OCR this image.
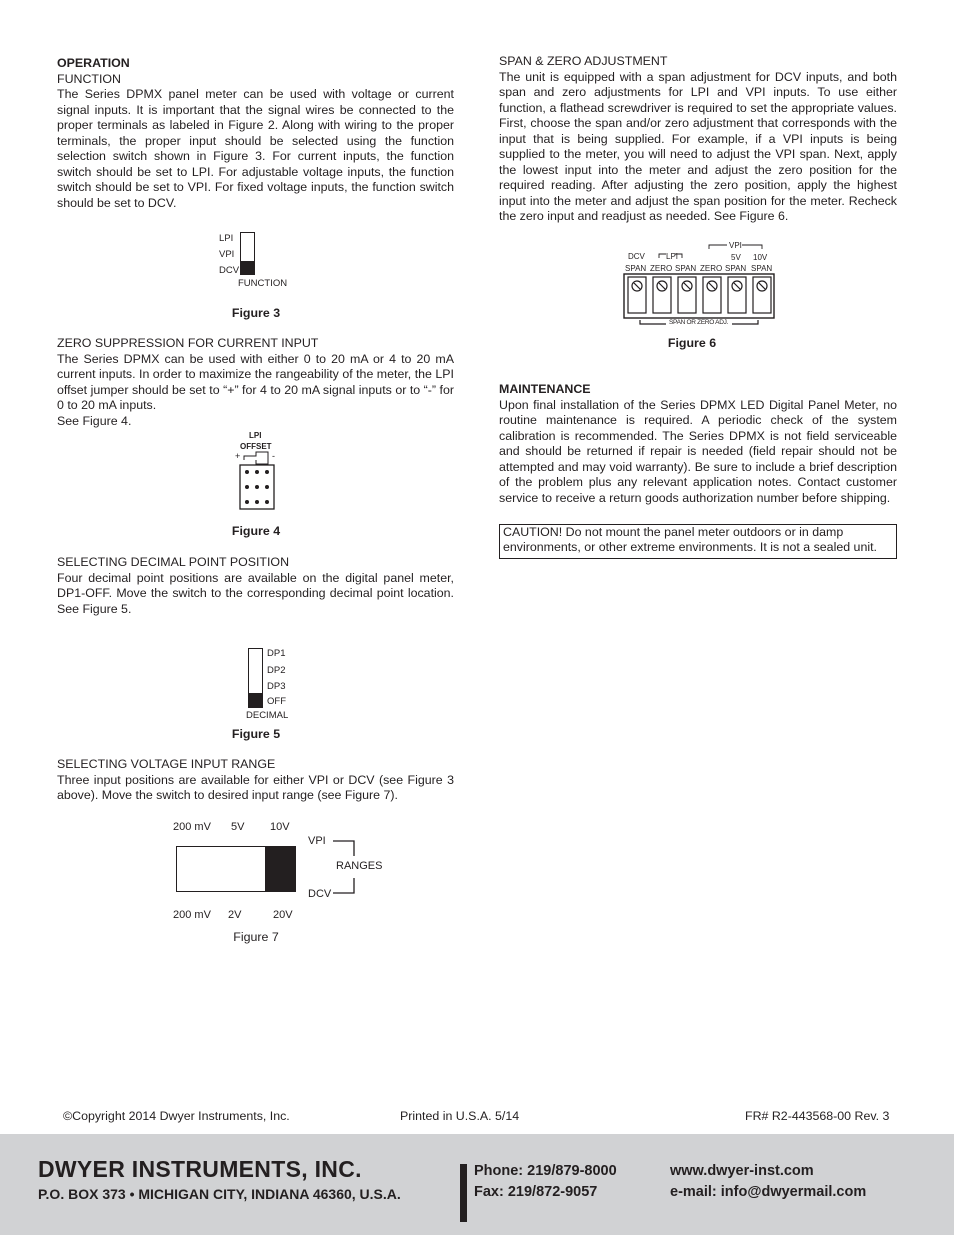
OPERATION
FUNCTION

The Series DPMX panel meter can be used with voltage or current signal inputs. It is important that the signal wires be connected to the proper terminals as labeled in Figure 2. Along with wiring to the proper terminals, the proper input should be selected using the function selection switch shown in Figure 3. For current inputs, the function switch should be set to LPI. For adjustable voltage inputs, the function switch should be set to VPI. For fixed voltage inputs, the function switch should be set to DCV.

LPI
VPI
DCV
FUNCTION
Figure 3
ZERO SUPPRESSION FOR CURRENT INPUT

The Series DPMX can be used with either 0 to 20 mA or 4 to 20 mA current inputs. In order to maximize the rangeability of the meter, the LPI offset jumper should be set to “+” for 4 to 20 mA signal inputs or to “-” for 0 to 20 mA inputs.

See Figure 4.
LPI
OFFSET
+	-
Figure 4
SELECTING DECIMAL POINT POSITION

Four decimal point positions are available on the digital panel meter, DP1-OFF. Move the switch to the corresponding decimal point location. See Figure 5.

DP1
DP2
DP3
OFF
DECIMAL
Figure 5
SELECTING VOLTAGE INPUT RANGE

Three input positions are available for either VPI or DCV (see Figure 3 above). Move the switch to desired input range (see Figure 7).

200 mV 5V 10V
200 mV 2V	20V
VPI
DCV
RANGES
Figure 7
SPAN & ZERO ADJUSTMENT

The unit is equipped with a span adjustment for DCV inputs, and both span and zero adjustments for LPI and VPI inputs. To use either function, a flathead screwdriver is required to set the appropriate values. First, choose the span and/or zero adjustment that corresponds with the input that is being supplied. For example, if a VPI inputs is being supplied to the meter, you will need to adjust the VPI span. Next, apply the lowest input into the meter and adjust the zero position for the required reading. After adjusting the zero position, apply the highest input into the meter and adjust the span position for the meter. Recheck the zero input and readjust as needed. See Figure 6.

DCV	LPI
VPI
5V 10V
SPAN ZERO SPAN ZERO SPAN SPAN
SPAN OR ZERO ADJ.
Figure 6
MAINTENANCE

Upon final installation of the Series DPMX LED Digital Panel Meter, no routine maintenance is required. A periodic check of the system calibration is recommended. The Series DPMX is not field serviceable and should be returned if repair is needed (field repair should not be attempted and may void warranty). Be sure to include a brief description of the problem plus any relevant application notes. Contact customer service to receive a return goods authorization number before shipping.

CAUTION! Do not mount the panel meter outdoors or in damp environments, or other extreme environments. It is not a sealed unit.
©Copyright 2014 Dwyer Instruments, Inc.	Printed in U.S.A. 5/14	FR# R2-443568-00 Rev. 3
DWYER INSTRUMENTS, INC.
P.O. BOX 373 • MICHIGAN CITY, INDIANA 46360, U.S.A.
Phone: 219/879-8000
Fax: 219/872-9057
www.dwyer-inst.com
e-mail: info@dwyermail.com
